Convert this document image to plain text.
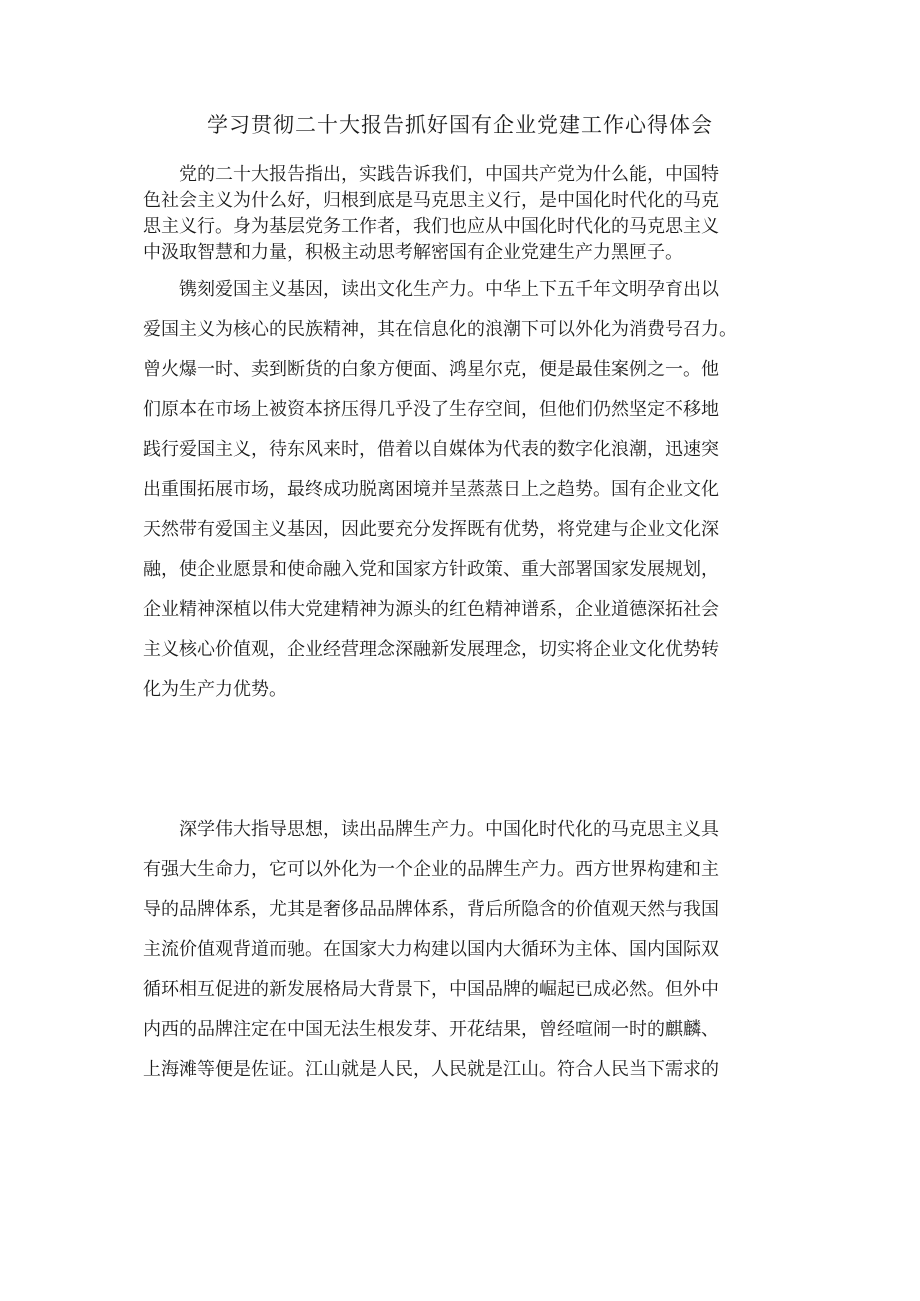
学习贯彻二十大报告抓好国有企业党建工作心得体会

党的二十大报告指出，实践告诉我们，中国共产党为什么能，中国特
色社会主义为什么好，归根到底是马克思主义行，是中国化时代化的马克
思主义行。身为基层党务工作者，我们也应从中国化时代化的马克思主义
中汲取智慧和力量，积极主动思考解密国有企业党建生产力黑匣子。

镌刻爱国主义基因，读出文化生产力。中华上下五千年文明孕育出以
爱国主义为核心的民族精神，其在信息化的浪潮下可以外化为消费号召力。
曾火爆一时、卖到断货的白象方便面、鸿星尔克，便是最佳案例之一。他
们原本在市场上被资本挤压得几乎没了生存空间，但他们仍然坚定不移地
践行爱国主义，待东风来时，借着以自媒体为代表的数字化浪潮，迅速突
出重围拓展市场，最终成功脱离困境并呈蒸蒸日上之趋势。国有企业文化
天然带有爱国主义基因，因此要充分发挥既有优势，将党建与企业文化深
融，使企业愿景和使命融入党和国家方针政策、重大部署国家发展规划，
企业精神深植以伟大党建精神为源头的红色精神谱系，企业道德深拓社会
主义核心价值观，企业经营理念深融新发展理念，切实将企业文化优势转
化为生产力优势。

深学伟大指导思想，读出品牌生产力。中国化时代化的马克思主义具
有强大生命力，它可以外化为一个企业的品牌生产力。西方世界构建和主
导的品牌体系，尤其是奢侈品品牌体系，背后所隐含的价值观天然与我国
主流价值观背道而驰。在国家大力构建以国内大循环为主体、国内国际双
循环相互促进的新发展格局大背景下，中国品牌的崛起已成必然。但外中
内西的品牌注定在中国无法生根发芽、开花结果，曾经喧闹一时的麒麟、
上海滩等便是佐证。江山就是人民，人民就是江山。符合人民当下需求的
